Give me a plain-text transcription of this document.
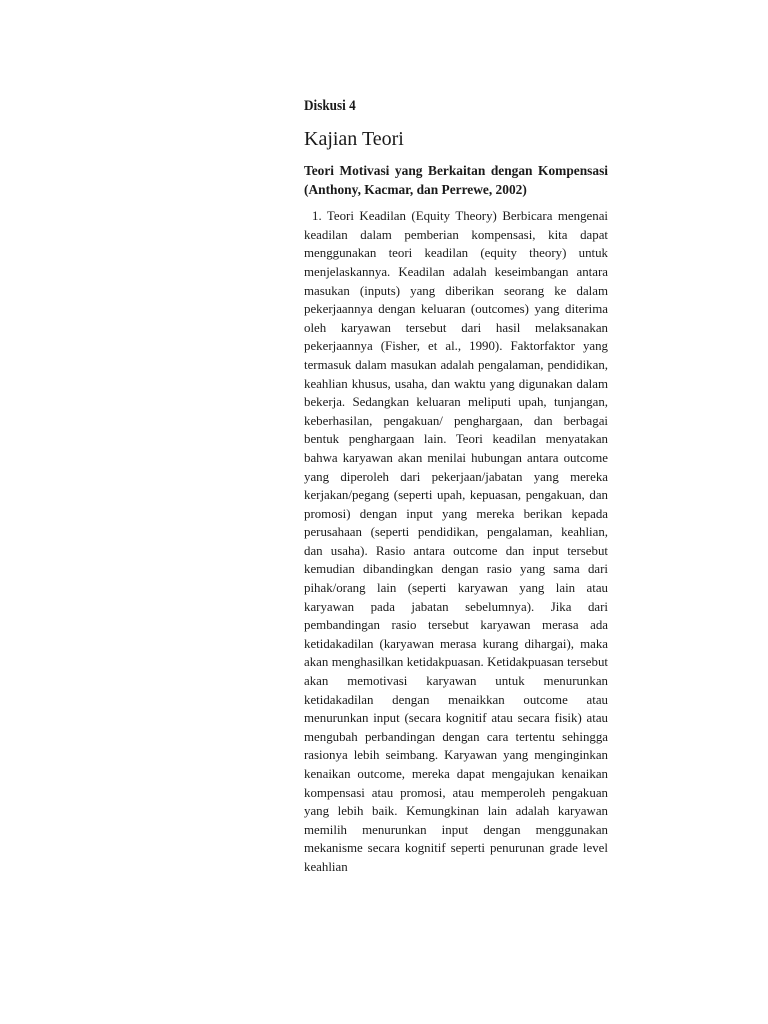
Diskusi 4
Kajian Teori
Teori Motivasi yang Berkaitan dengan Kompensasi (Anthony, Kacmar, dan Perrewe, 2002)

1. Teori Keadilan (Equity Theory) Berbicara mengenai keadilan dalam pemberian kompensasi, kita dapat menggunakan teori keadilan (equity theory) untuk menjelaskannya. Keadilan adalah keseimbangan antara masukan (inputs) yang diberikan seorang ke dalam pekerjaannya dengan keluaran (outcomes) yang diterima oleh karyawan tersebut dari hasil melaksanakan pekerjaannya (Fisher, et al., 1990). Faktorfaktor yang termasuk dalam masukan adalah pengalaman, pendidikan, keahlian khusus, usaha, dan waktu yang digunakan dalam bekerja. Sedangkan keluaran meliputi upah, tunjangan, keberhasilan, pengakuan/ penghargaan, dan berbagai bentuk penghargaan lain. Teori keadilan menyatakan bahwa karyawan akan menilai hubungan antara outcome yang diperoleh dari pekerjaan/jabatan yang mereka kerjakan/pegang (seperti upah, kepuasan, pengakuan, dan promosi) dengan input yang mereka berikan kepada perusahaan (seperti pendidikan, pengalaman, keahlian, dan usaha). Rasio antara outcome dan input tersebut kemudian dibandingkan dengan rasio yang sama dari pihak/orang lain (seperti karyawan yang lain atau karyawan pada jabatan sebelumnya). Jika dari pembandingan rasio tersebut karyawan merasa ada ketidakadilan (karyawan merasa kurang dihargai), maka akan menghasilkan ketidakpuasan. Ketidakpuasan tersebut akan memotivasi karyawan untuk menurunkan ketidakadilan dengan menaikkan outcome atau menurunkan input (secara kognitif atau secara fisik) atau mengubah perbandingan dengan cara tertentu sehingga rasionya lebih seimbang. Karyawan yang menginginkan kenaikan outcome, mereka dapat mengajukan kenaikan kompensasi atau promosi, atau memperoleh pengakuan yang lebih baik. Kemungkinan lain adalah karyawan memilih menurunkan input dengan menggunakan mekanisme secara kognitif seperti penurunan grade level keahlian
